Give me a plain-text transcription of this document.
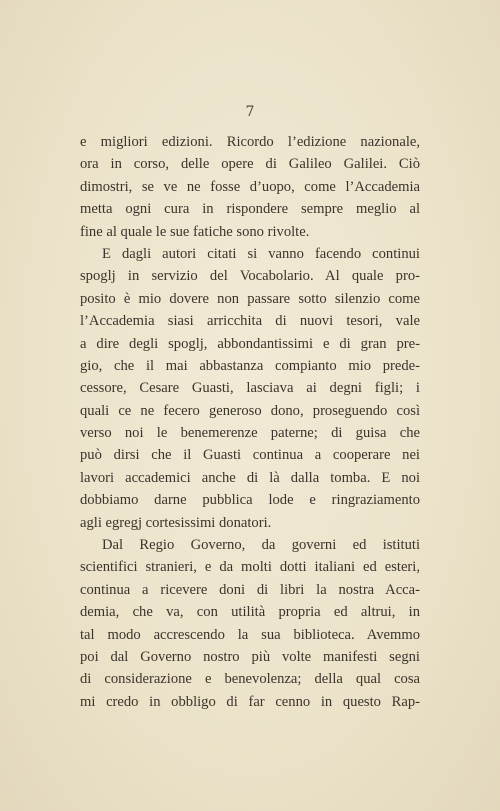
7
e migliori edizioni. Ricordo l’edizione nazionale,
ora in corso, delle opere di Galileo Galilei. Ciò
dimostri, se ve ne fosse d’uopo, come l’Accademia
metta ogni cura in rispondere sempre meglio al
fine al quale le sue fatiche sono rivolte.
E dagli autori citati si vanno facendo continui
spoglj in servizio del Vocabolario. Al quale pro-
posito è mio dovere non passare sotto silenzio come
l’Accademia siasi arricchita di nuovi tesori, vale
a dire degli spoglj, abbondantissimi e di gran pre-
gio, che il mai abbastanza compianto mio prede-
cessore, Cesare Guasti, lasciava ai degni figli; i
quali ce ne fecero generoso dono, proseguendo così
verso noi le benemerenze paterne; di guisa che
può dirsi che il Guasti continua a cooperare nei
lavori accademici anche di là dalla tomba. E noi
dobbiamo darne pubblica lode e ringraziamento
agli egregj cortesissimi donatori.
Dal Regio Governo, da governi ed istituti
scientifici stranieri, e da molti dotti italiani ed esteri,
continua a ricevere doni di libri la nostra Acca-
demia, che va, con utilità propria ed altrui, in
tal modo accrescendo la sua biblioteca. Avemmo
poi dal Governo nostro più volte manifesti segni
di considerazione e benevolenza; della qual cosa
mi credo in obbligo di far cenno in questo Rap-
